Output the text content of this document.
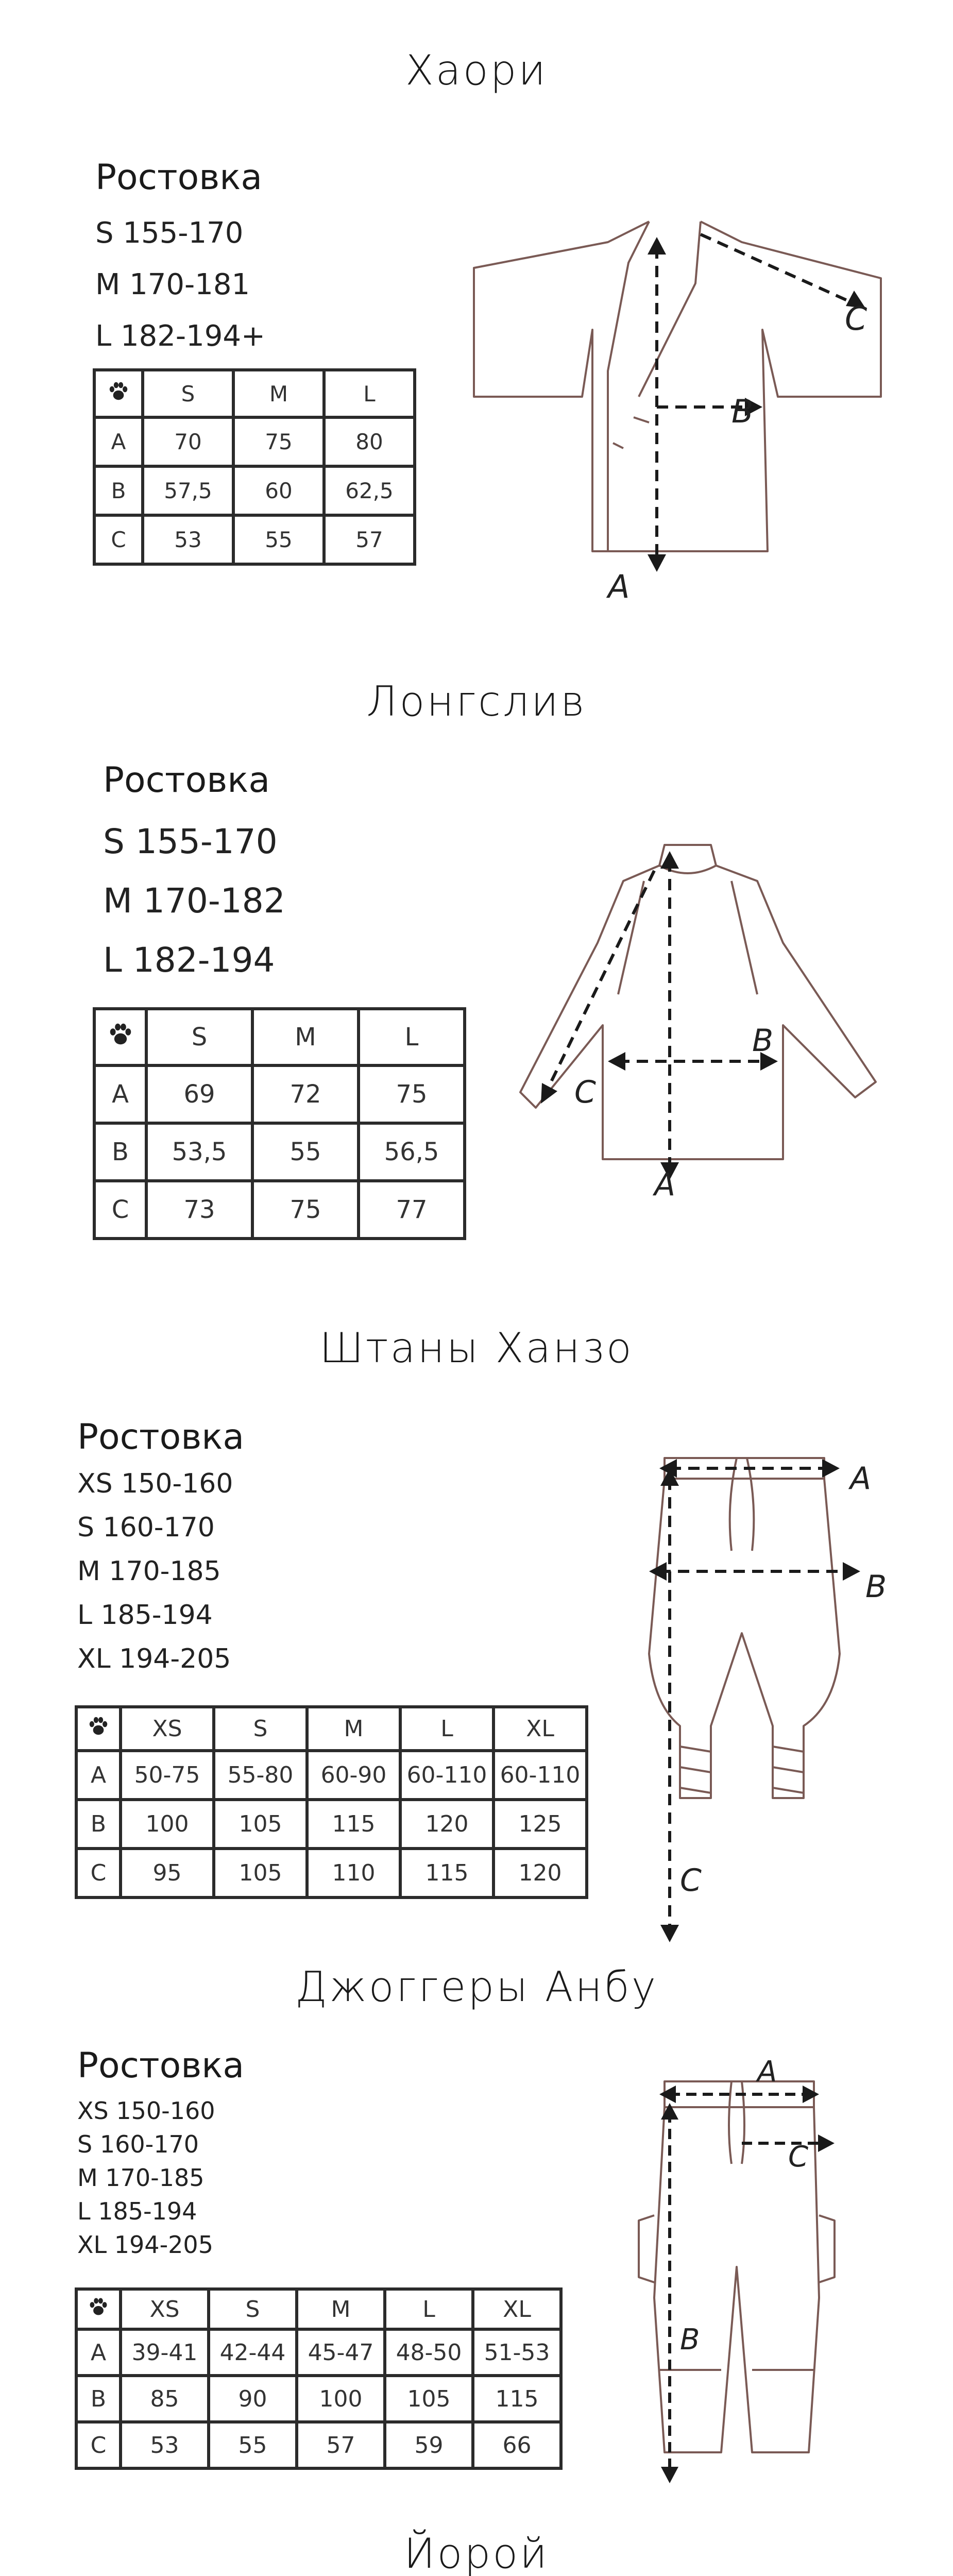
Хаори
Ростовка
S 155-170
M 170-181
L 182-194+
	S	M	L
A	70	75	80
B	57,5	60	62,5
C	53	55	57
A
B
C
Лонгслив
Ростовка
S 155-170
M 170-182
L 182-194
	S	M	L
A	69	72	75
B	53,5	55	56,5
C	73	75	77
A
B
C
Штаны Ханзо
Ростовка
XS 150-160
S 160-170
M 170-185
L 185-194
XL 194-205
	XS	S	M	L	XL
A	50-75	55-80	60-90	60-110	60-110
B	100	105	115	120	125
C	95	105	110	115	120
A
B
C
Джоггеры Анбу
Ростовка
XS 150-160
S 160-170
M 170-185
L 185-194
XL 194-205
	XS	S	M	L	XL
A	39-41	42-44	45-47	48-50	51-53
B	85	90	100	105	115
C	53	55	57	59	66
A
B
C
Йорой
